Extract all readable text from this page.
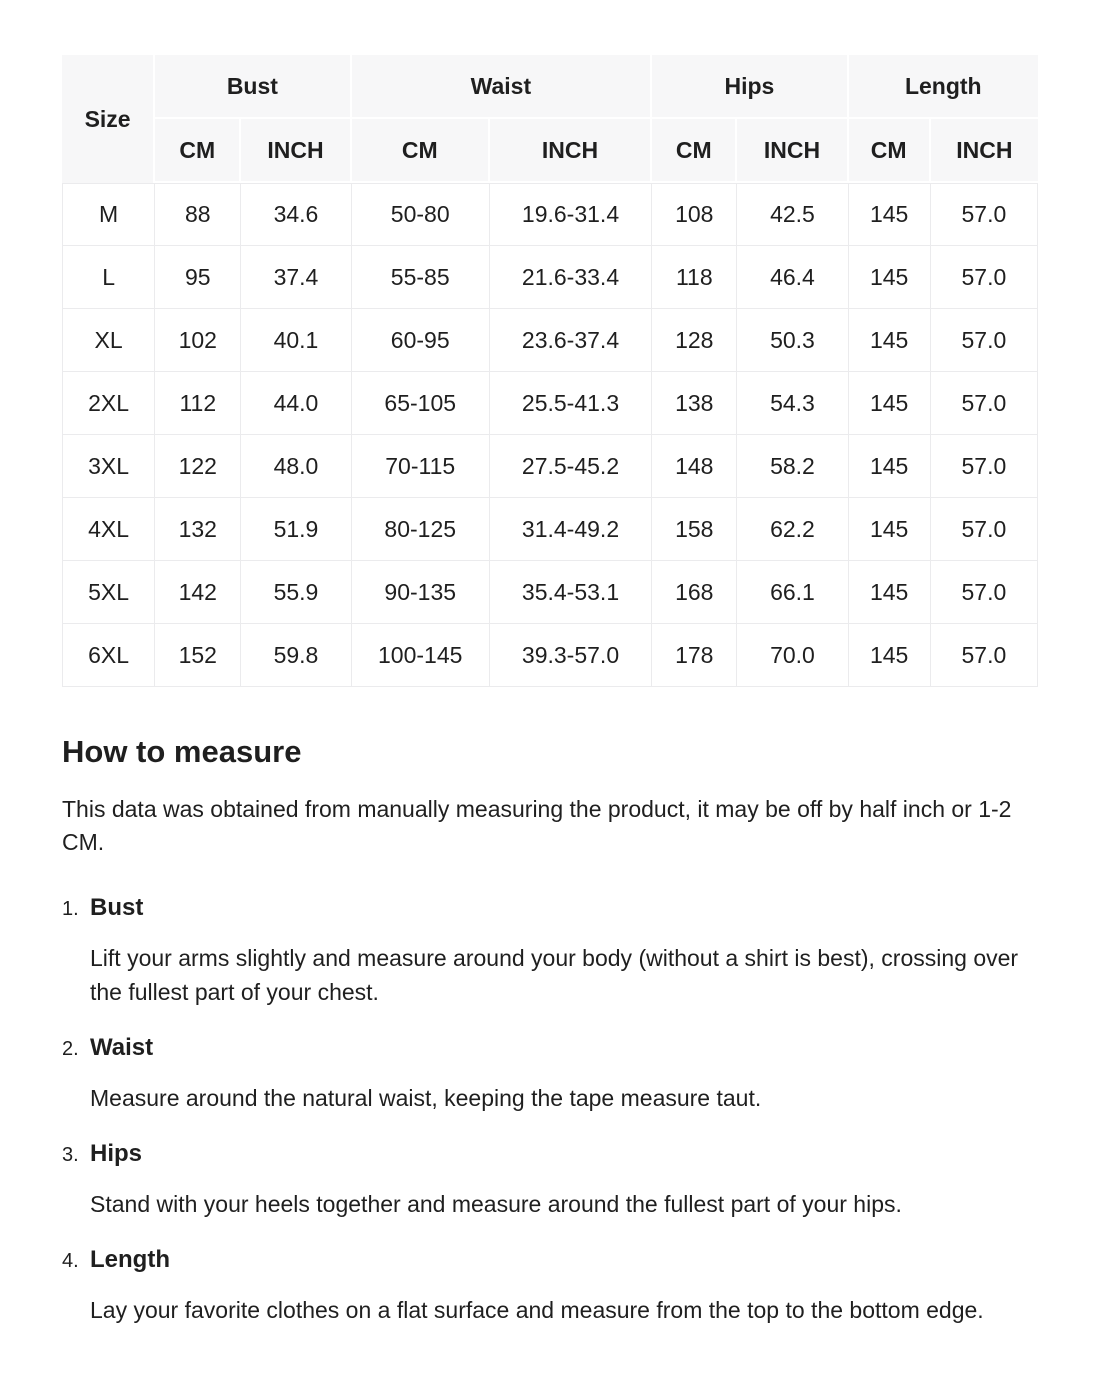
Size	Bust		Waist		Hips		Length	
	CM	INCH	CM	INCH	CM	INCH	CM	INCH
M	88	34.6	50-80	19.6-31.4	108	42.5	145	57.0
L	95	37.4	55-85	21.6-33.4	118	46.4	145	57.0
XL	102	40.1	60-95	23.6-37.4	128	50.3	145	57.0
2XL	112	44.0	65-105	25.5-41.3	138	54.3	145	57.0
3XL	122	48.0	70-115	27.5-45.2	148	58.2	145	57.0
4XL	132	51.9	80-125	31.4-49.2	158	62.2	145	57.0
5XL	142	55.9	90-135	35.4-53.1	168	66.1	145	57.0
6XL	152	59.8	100-145	39.3-57.0	178	70.0	145	57.0
How to measure

This data was obtained from manually measuring the product, it may be off by half inch or 1-2 CM.

1. Bust

Lift your arms slightly and measure around your body (without a shirt is best), crossing over the fullest part of your chest.

2. Waist

Measure around the natural waist, keeping the tape measure taut.

3. Hips

Stand with your heels together and measure around the fullest part of your hips.

4. Length

Lay your favorite clothes on a flat surface and measure from the top to the bottom edge.
